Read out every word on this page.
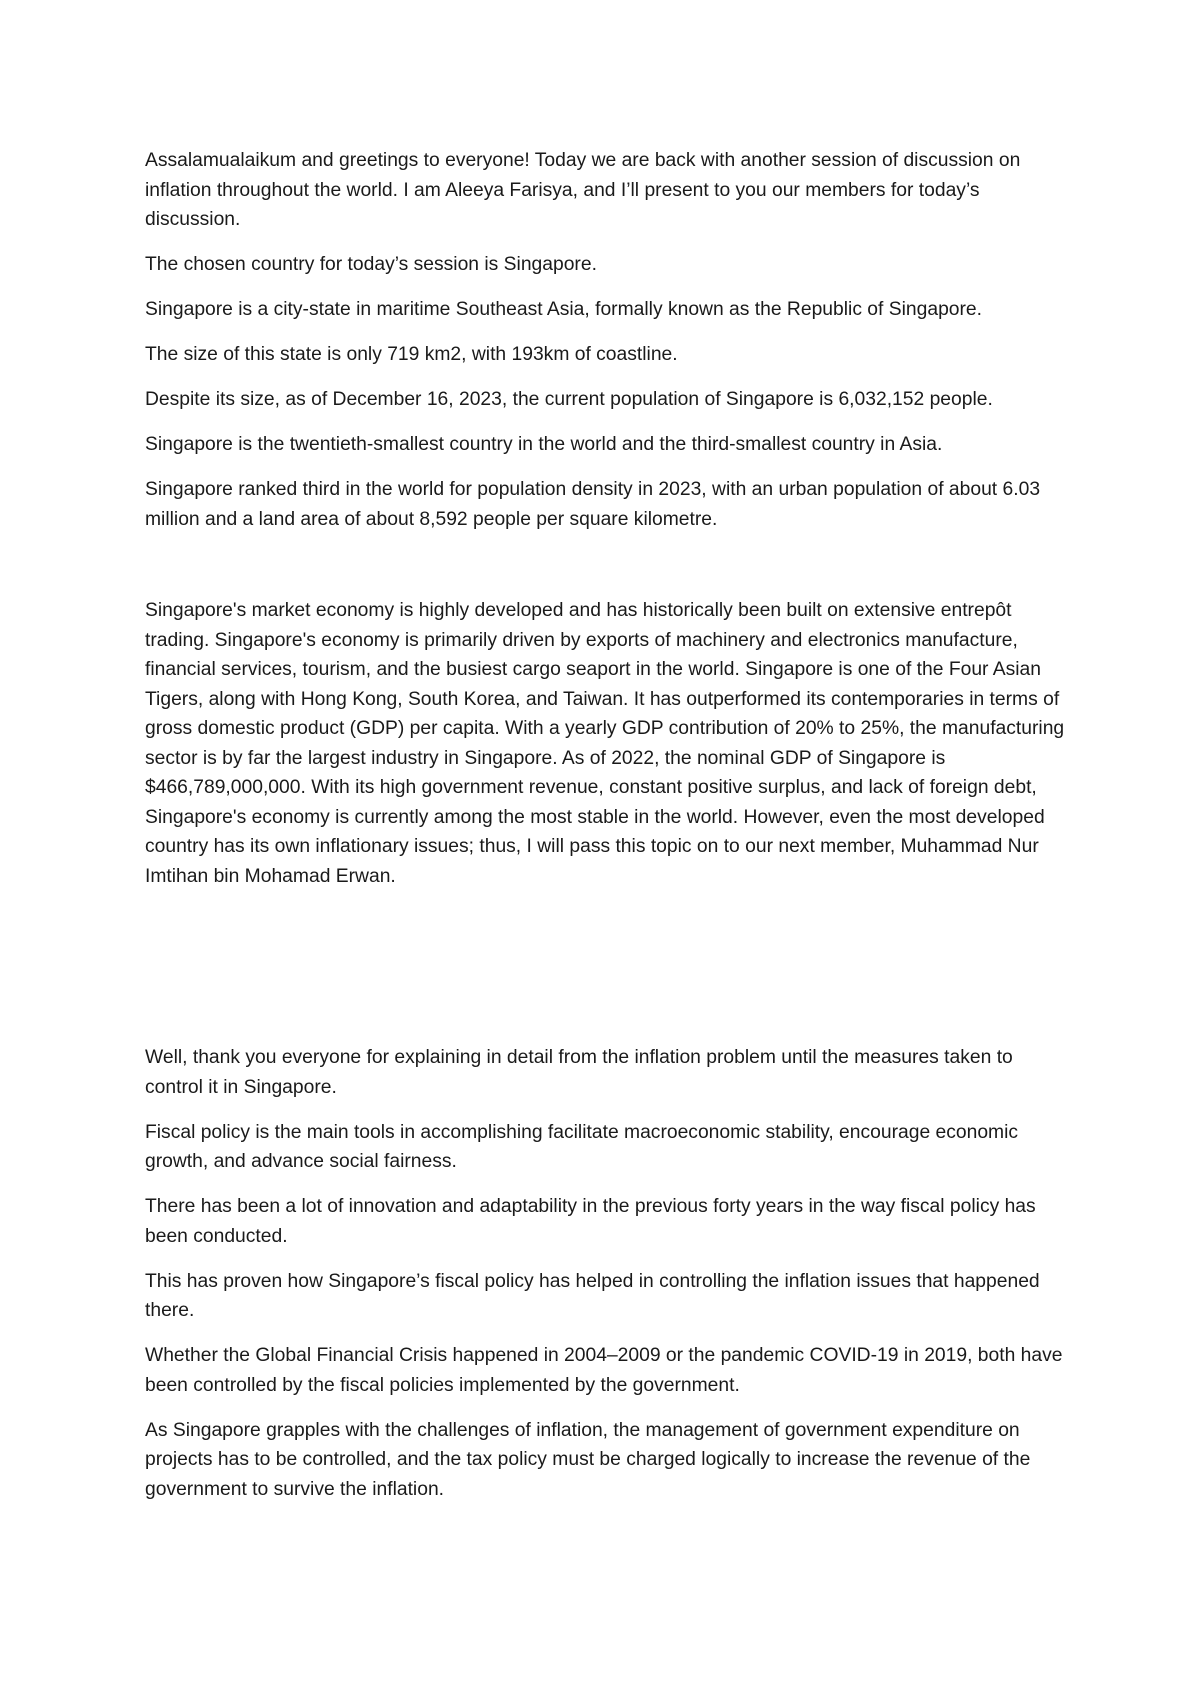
Assalamualaikum and greetings to everyone! Today we are back with another session of discussion on inflation throughout the world. I am Aleeya Farisya, and I’ll present to you our members for today’s discussion.

The chosen country for today’s session is Singapore.

Singapore is a city-state in maritime Southeast Asia, formally known as the Republic of Singapore.

The size of this state is only 719 km2, with 193km of coastline.

Despite its size, as of December 16, 2023, the current population of Singapore is 6,032,152 people.

Singapore is the twentieth-smallest country in the world and the third-smallest country in Asia.

Singapore ranked third in the world for population density in 2023, with an urban population of about 6.03 million and a land area of about 8,592 people per square kilometre.

Singapore's market economy is highly developed and has historically been built on extensive entrepôt trading. Singapore's economy is primarily driven by exports of machinery and electronics manufacture, financial services, tourism, and the busiest cargo seaport in the world. Singapore is one of the Four Asian Tigers, along with Hong Kong, South Korea, and Taiwan. It has outperformed its contemporaries in terms of gross domestic product (GDP) per capita. With a yearly GDP contribution of 20% to 25%, the manufacturing sector is by far the largest industry in Singapore. As of 2022, the nominal GDP of Singapore is $466,789,000,000. With its high government revenue, constant positive surplus, and lack of foreign debt, Singapore's economy is currently among the most stable in the world. However, even the most developed country has its own inflationary issues; thus, I will pass this topic on to our next member, Muhammad Nur Imtihan bin Mohamad Erwan.

Well, thank you everyone for explaining in detail from the inflation problem until the measures taken to control it in Singapore.

Fiscal policy is the main tools in accomplishing facilitate macroeconomic stability, encourage economic growth, and advance social fairness.

There has been a lot of innovation and adaptability in the previous forty years in the way fiscal policy has been conducted.

This has proven how Singapore’s fiscal policy has helped in controlling the inflation issues that happened there.

Whether the Global Financial Crisis happened in 2004–2009 or the pandemic COVID-19 in 2019, both have been controlled by the fiscal policies implemented by the government.

As Singapore grapples with the challenges of inflation, the management of government expenditure on projects has to be controlled, and the tax policy must be charged logically to increase the revenue of the government to survive the inflation.
